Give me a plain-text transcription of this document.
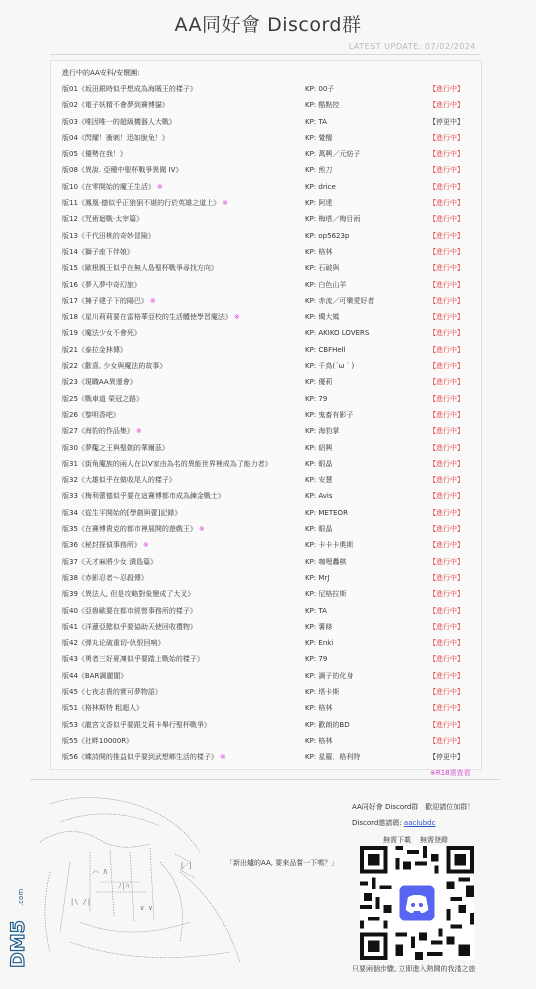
AA同好會 Discord群
LATEST UPDATE: 07/02/2024
進行中的AA安科/安價團:
版01《坂田銀時似乎想成為海賊王的樣子》	KP: 00子	【進行中】
版02《電子妖精不會夢到賽博貓》	KP: 酷點控	【進行中】
版03《唯因唯一的超級機器人大戰》	KP: TA	【停更中】
版04《閃耀！衝刺！迅如脫兔！》	KP: 覺醒	【進行中】
版05《優勢在我！》	KP: 萬興／元紡子	【進行中】
版08《異說. 亞種中聖杯戰爭異聞 IV》	KP: 煎刀	【進行中】
版10《在零開始的魔王生活》 ※	KP: drice	【進行中】
版11《鳳凰‧德似乎正狼狽不堪的行於英雄之道上》 ※	KP: 阿達	【進行中】
版12《咒術迴戰‧太宰篇》	KP: 梅塔／梅目雨	【進行中】
版13《千代田桃的奇妙冒險》	KP: op5623p	【進行中】
版14《獅子座下伴娘》	KP: 格林	【進行中】
版15《歐根親王似乎在無人島聖杯戰爭尋找方向》	KP: 石破與	【進行中】
版16《夢入夢中奇幻旅》	KP: 白色山羊	【進行中】
版17《擁子建子下的陽巴》 ※	KP: 赤流／可樂愛好者	【進行中】
版18《星川莉莉要在雷格華亞校的生活體使學習魔法》 ※	KP: 燭大媽	【進行中】
版19《魔法少女不會死》	KP: AKIKO LOVERS	【進行中】
版21《泰拉金林傳》	KP: CBFHell	【進行中】
版22《歡喜, 少女與魔法的故事》	KP: 千鳥(´ω｀)	【進行中】
版23《現職AA異運會》	KP: 優莉	【進行中】
版25《戰車道 榮冠之路》	KP: 79	【進行中】
版26《黎明香吧》	KP: 鬼畜有影子	【進行中】
版27《海豹的作品集》 ※	KP: 海豹掌	【進行中】
版30《夢魘之王與聖劍的華爾茲》	KP: 紹興	【進行中】
版31《街角魔族的兩人在以V家由為名的異能世界裡成為了能力者》	KP: 眼晶	【進行中】
版32《大雄似乎在做收尾人的樣子》	KP: 安慧	【進行中】
版33《梅利蕾德似乎要在這賽博都市成為鍊金戰士》	KP: Avis	【進行中】
版34《從生平開始的[學劍與蕾]記錄》	KP: METEOR	【進行中】
版35《在賽博貴克的都市裡展開的遊戲王》 ※	KP: 眼晶	【進行中】
版36《秘封探偵事務所》 ※	KP: 卡卡卡奧斯	【進行中】
版37《天才麻將少女 潰島篇》	KP: 咖哩轟棋	【進行中】
版38《赤影忍者～忍殺傳》	KP: MrJ	【進行中】
版39《異法人, 但是攻略對象變成了大叉》	KP: 尼格拉斯	【進行中】
版40《亞魯歐要在都市經營事務所的樣子》	KP: TA	【進行中】
版41《洋蓮亞懿似乎要協助天使回收禮物》	KP: 薯條	【進行中】
版42《弹丸论破重切-仇恨回响》	KP: Enki	【進行中】
版43《勇者三好夏凜似乎要踏上戰始的樣子》	KP: 79	【進行中】
版44《BAR調麗閣》	KP: 調子的化身	【進行中】
版45《七夜志貴的實可夢物語》	KP: 塔卡斯	【進行中】
版51《格林斯特 粗超人》	KP: 格林	【進行中】
版53《龍宮文香似乎要跟艾莉卡舉行聖杯戰爭》	KP: 歡朗的BD	【進行中】
版55《社畔10000R》	KP: 格林	【進行中】
版56《蝶詩開的推益似乎要到武想鄉生活的樣子》 ※	KP: 星羅．格利特	【停更中】
※R18需查看
ハ Λ
ﾉ|ﾊ
|\ /|
∨ ∨
[ ]	「新出爐的AA, 要來品嘗一下嗎？」
AA同好會 Discord群　歡迎請位加群！
Discord邀請碼: aaclubdc
無需下載 無需登錄
只要兩個步驟, 立即進入熱鬧的我淺之旅
DM5
.com
